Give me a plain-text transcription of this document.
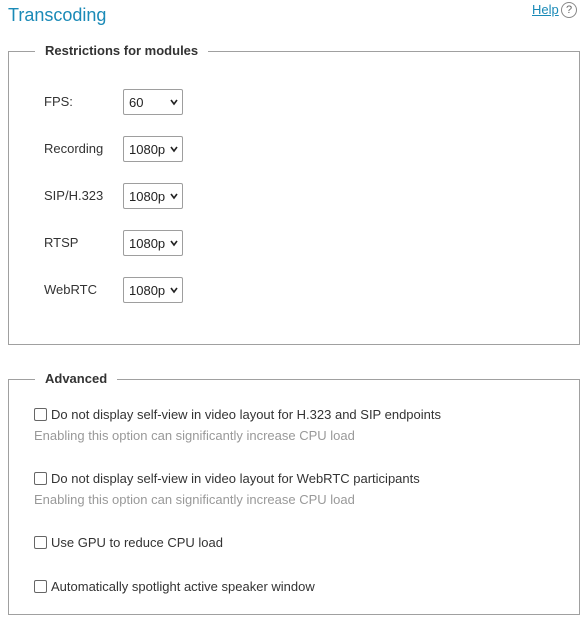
Transcoding	Help ?
Restrictions for modules
FPS:	60
Recording 1080p
SIP/H.323 1080p
RTSP	1080p
WebRTC 1080p
Advanced
Do not display self-view in video layout for H.323 and SIP endpoints
Enabling this option can significantly increase CPU load
Do not display self-view in video layout for WebRTC participants
Enabling this option can significantly increase CPU load
Use GPU to reduce CPU load
Automatically spotlight active speaker window
